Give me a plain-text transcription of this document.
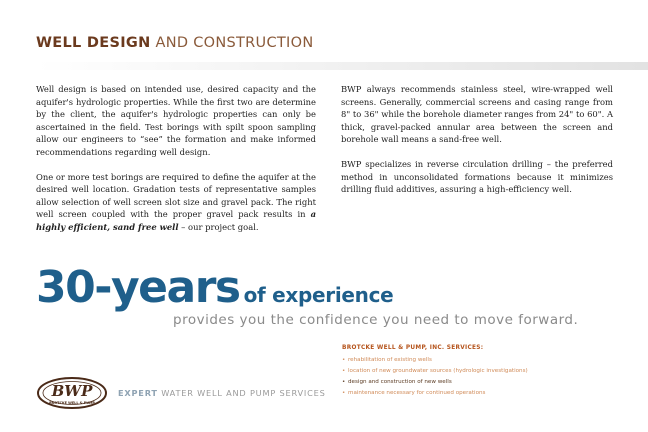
WELL DESIGN AND CONSTRUCTION

Well design is based on intended use, desired capacity and the aquifer's hydrologic properties. While the first two are determine by the client, the aquifer's hydrologic properties can only be ascertained in the field. Test borings with spilt spoon sampling allow our engineers to “see” the formation and make informed recommendations regarding well design.

One or more test borings are required to define the aquifer at the desired well location. Gradation tests of representative samples allow selection of well screen slot size and gravel pack. The right well screen coupled with the proper gravel pack results in a highly efficient, sand free well – our project goal.

BWP always recommends stainless steel, wire-wrapped well screens. Generally, commercial screens and casing range from 8" to 36" while the borehole diameter ranges from 24" to 60". A thick, gravel-packed annular area between the screen and borehole wall means a sand-free well.

BWP specializes in reverse circulation drilling – the preferred method in unconsolidated formations because it minimizes drilling fluid additives, assuring a high-efficiency well.

30-years of experience
provides you the confidence you need to move forward.
BROTCKE WELL & PUMP, INC. SERVICES:
• rehabilitation of existing wells
• location of new groundwater sources (hydrologic investigations)
• design and construction of new wells
• maintenance necessary for continued operations
BWP
BROTCKE WELL & PUMP
EXPERT WATER WELL AND PUMP SERVICES
